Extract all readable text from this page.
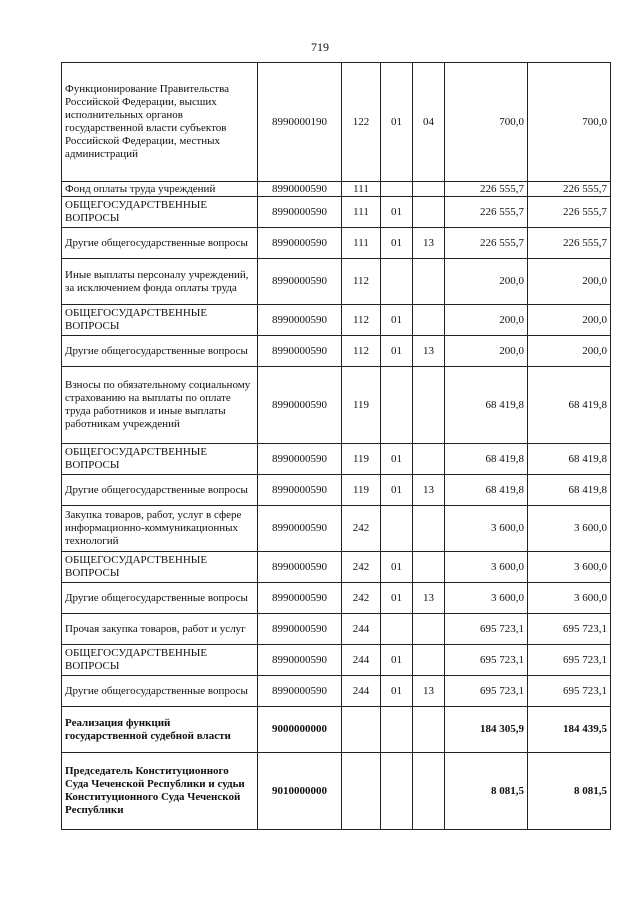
719
Функционирование Правительства Российской Федерации, высших исполнительных органов государственной власти субъектов Российской Федерации, местных администраций	8990000190	122	01	04	700,0	700,0
Фонд оплаты труда учреждений	8990000590	111			226 555,7	226 555,7
ОБЩЕГОСУДАРСТВЕННЫЕ ВОПРОСЫ	8990000590	111	01		226 555,7	226 555,7
Другие общегосударственные вопросы	8990000590	111	01	13	226 555,7	226 555,7
Иные выплаты персоналу учреждений, за исключением фонда оплаты труда	8990000590	112			200,0	200,0
ОБЩЕГОСУДАРСТВЕННЫЕ ВОПРОСЫ	8990000590	112	01		200,0	200,0
Другие общегосударственные вопросы	8990000590	112	01	13	200,0	200,0
Взносы по обязательному социальному страхованию на выплаты по оплате труда работников и иные выплаты работникам учреждений	8990000590	119			68 419,8	68 419,8
ОБЩЕГОСУДАРСТВЕННЫЕ ВОПРОСЫ	8990000590	119	01		68 419,8	68 419,8
Другие общегосударственные вопросы	8990000590	119	01	13	68 419,8	68 419,8
Закупка товаров, работ, услуг в сфере информационно-коммуникационных технологий	8990000590	242			3 600,0	3 600,0
ОБЩЕГОСУДАРСТВЕННЫЕ ВОПРОСЫ	8990000590	242	01		3 600,0	3 600,0
Другие общегосударственные вопросы	8990000590	242	01	13	3 600,0	3 600,0
Прочая закупка товаров, работ и услуг	8990000590	244			695 723,1	695 723,1
ОБЩЕГОСУДАРСТВЕННЫЕ ВОПРОСЫ	8990000590	244	01		695 723,1	695 723,1
Другие общегосударственные вопросы	8990000590	244	01	13	695 723,1	695 723,1
Реализация функций государственной судебной власти	9000000000				184 305,9	184 439,5
Председатель Конституционного Суда Чеченской Республики и судьи Конституционного Суда Чеченской Республики	9010000000				8 081,5	8 081,5
